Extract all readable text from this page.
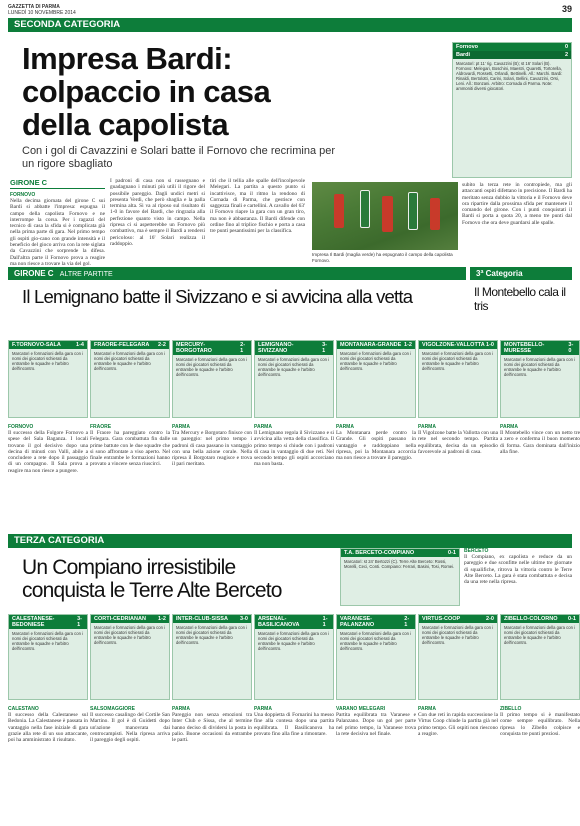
GAZZETTA DI PARMA
LUNEDÌ 10 NOVEMBRE 2014	39
SECONDA CATEGORIA
Impresa Bardi:
colpaccio in casa
della capolista
Con i gol di Cavazzini e Solari batte il Fornovo che recrimina per un rigore sbagliato
GIRONE C
FORNOVO
Nella decima giornata del girone C sui Bardi si abbatte l'impresa: espugna il campo della capolista Fornovo e ne interrompe la corsa. Per i ragazzi del tecnico di casa la sfida si è complicata già nella prima parte di gara. Nel primo tempo gli ospiti gio-cano con grande intensità e il beneficio del gioco arriva con la rete siglata da Cavazzini che sorprende la difesa. Dall'altra parte il Fornovo prova a reagire ma non riesce a trovare la via del gol.
I padroni di casa non si rassegnano e guadagnano i minuti più utili il rigore del possibile pareggio. Dagli undici metri si presenta Verdi, che però sbaglia e la palla termina alta. Si va al riposo sul risultato di 1-0 in favore del Bardi, che ringrazia alla perfezione quanto visto in campo. Nella ripresa ci si aspetterebbe un Fornovo più combattivo, ma è sempre il Bardi a rendersi pericoloso: al 16' Solari realizza il raddoppio.
tiri che il tellia alle spalle dell'incolpevole Melegari. La partita a questo punto si incattivisce, ma il ritmo la rendono di Cornada di Parma, che gestisce con saggezza finali e cartellini. A cavallo del 63' il Fornovo riapre la gara con un gran tiro, ma non è abbastanza. Il Bardi difende con ordine fino al triplice fischio e porta a casa tre punti pesantissimi per la classifica.
Fornovo	0
Bardi	2
Marcatori: pt 11' rig. Cavazzini (B); st 16' Solari (B). Fornovo: Melegari, Boschini, Maestri, Quaretti, Tortorella, Aldrovardi, Rossetti, Orlandi, Bettinelli. All.: Marchi. Bardi: Rinaldi, Bertolotti, Carini, Solari, Bellini, Cavazzini, Orsi, Leni. All.: Bonzani. Arbitro: Cornada di Parma. Note: ammoniti diversi giocatori.
Impresa Il Bardi (maglia verde) ha espugnato il campo della capolista Fornovo.
subito la terza rete in contropiede, ma gli attaccanti ospiti difettano in precisione. Il Bardi ha meritato senza dubbio la vittoria e il Fornovo deve ora ripartire dalla prossima sfida per mantenere il comando del girone. Con i punti conquistati il Bardi si porta a quota 20, a meno tre punti dal Fornovo che ora deve guardarsi alle spalle.
GIRONE C ALTRE PARTITE	3ª Categoria
Il Lemignano batte il Sivizzano e si avvicina alla vetta	Il Montebello cala il tris
F.TORNOVO-SALA	1-4
Marcatori e formazioni della gara con i nomi dei giocatori schierati da entrambe le squadre e l'arbitro dell'incontro.
FORNOVO
Il successo della Folgore Fornovo a spese del Sala Baganza. I locali trovano il gol decisivo dopo una decina di minuti con Valli, abile a concludere a rete dopo il passaggio di un compagno. Il Sala prova a reagire ma non riesce a pungere.
FRAORE-FELEGARA 2-2
Marcatori e formazioni della gara con i nomi dei giocatori schierati da entrambe le squadre e l'arbitro dell'incontro.
FRAORE
Il Fraore ha pareggiato contro la Felegara. Gara combattuta fin dalle prime battute con le due squadre che si sono affrontate a viso aperto. Nel finale entrambe le formazioni hanno provato a vincere senza riuscirci.
MERCURY-BORGOTARO
2-1
Marcatori e formazioni della gara con i nomi dei giocatori schierati da entrambe le squadre e l'arbitro dell'incontro.
PARMA
Tra Mercury e Borgotaro finisce con un pareggio: nel primo tempo i padroni di casa passano in vantaggio con una bella azione corale. Nella ripresa il Borgotaro reagisce e trova il pari meritato.
LEMIGNANO-SIVIZZANO
3-1
Marcatori e formazioni della gara con i nomi dei giocatori schierati da entrambe le squadre e l'arbitro dell'incontro.
PARMA
Il Lemignano regola il Sivizzano e si avvicina alla vetta della classifica. Il primo tempo si chiude con i padroni di casa in vantaggio di due reti. Nel secondo tempo gli ospiti accorciano ma non basta.
MONTANARA-GRANDE 1-2
Marcatori e formazioni della gara con i nomi dei giocatori schierati da entrambe le squadre e l'arbitro dell'incontro.
PARMA
La Montanara perde contro la Grande. Gli ospiti passano in vantaggio e raddoppiano nella ripresa, poi la Montanara accorcia ma non riesce a trovare il pareggio.
VIGOLZONE-VALLOTTA 1-0
Marcatori e formazioni della gara con i nomi dei giocatori schierati da entrambe le squadre e l'arbitro dell'incontro.
PARMA
Il Vigolzone batte la Vallotta con una rete nel secondo tempo. Partita equilibrata, decisa da un episodio favorevole ai padroni di casa.
MONTEBELLO-MURESSE
3-0
Marcatori e formazioni della gara con i nomi dei giocatori schierati da entrambe le squadre e l'arbitro dell'incontro.
PARMA
Il Montebello vince con un netto tre a zero e conferma il buon momento di forma. Gara dominata dall'inizio alla fine.
TERZA CATEGORIA
Un Compiano irresistibile
conquista le Terre Alte Berceto
T.A. BERCETO-COMPIANO	0-1
Marcatori: st 24' Bertozzi (C). Terre Alte Berceto: Rossi, Morelli, Ceci, Conti. Compiano: Ferrari, Basini, Tosi, Romei.
BERCETO
Il Compiano, ex capolista e reduce da un pareggio e due sconfitte nelle ultime tre giornate di squalifiche, ritrova la vittoria contro le Terre Alte Berceto. La gara è stata combattuta e decisa da una rete nella ripresa.
CALESTANESE-BEDONIESE
3-1
Marcatori e formazioni della gara con i nomi dei giocatori schierati da entrambe le squadre e l'arbitro dell'incontro.
CALESTANO
Il successo della Calestanese sul Bedonia. La Calestanese è passata in vantaggio nella fase iniziale di gara grazie alla rete di un suo attaccante, poi ha amministrato il risultato.
CORTI-CEDRIANAN 1-2
Marcatori e formazioni della gara con i nomi dei giocatori schierati da entrambe le squadre e l'arbitro dell'incontro.
SALSOMAGGIORE
Il successo casalingo del Cortile San Martino. Il gol è di Guidetti dopo un'azione manovrata dai centrocampisti. Nella ripresa arriva il pareggio degli ospiti.
INTER-CLUB-SISSA 3-0
Marcatori e formazioni della gara con i nomi dei giocatori schierati da entrambe le squadre e l'arbitro dell'incontro.
PARMA
Pareggio non senza emozioni tra Inter Club e Sissa, che al termine hanno deciso di dividersi la posta in palio. Buone occasioni da entrambe le parti.
ARSENAL-BASILICANOVA
1-1
Marcatori e formazioni della gara con i nomi dei giocatori schierati da entrambe le squadre e l'arbitro dell'incontro.
PARMA
Una doppietta di Fornarini ha messo fine alla contesa dopo una partita equilibrata. Il Basilicanova ha provato fino alla fine a rimontare.
VARANESE-PALANZANO
2-1
Marcatori e formazioni della gara con i nomi dei giocatori schierati da entrambe le squadre e l'arbitro dell'incontro.
VARANO MELEGARI
Partita equilibrata tra Varanese e Palanzano. Dopo un gol per parte nel primo tempo, la Varanese trova la rete decisiva nel finale.
VIRTUS-COOP	2-0
Marcatori e formazioni della gara con i nomi dei giocatori schierati da entrambe le squadre e l'arbitro dell'incontro.
PARMA
Con due reti in rapida successione la Virtus Coop chiude la partita già nel primo tempo. Gli ospiti non riescono a reagire.
ZIBELLO-COLORNO 0-1
Marcatori e formazioni della gara con i nomi dei giocatori schierati da entrambe le squadre e l'arbitro dell'incontro.
ZIBELLO
Il primo tempo si è manifestato come sempre equilibrato. Nella ripresa lo Zibello colpisce e conquista tre punti preziosi.
